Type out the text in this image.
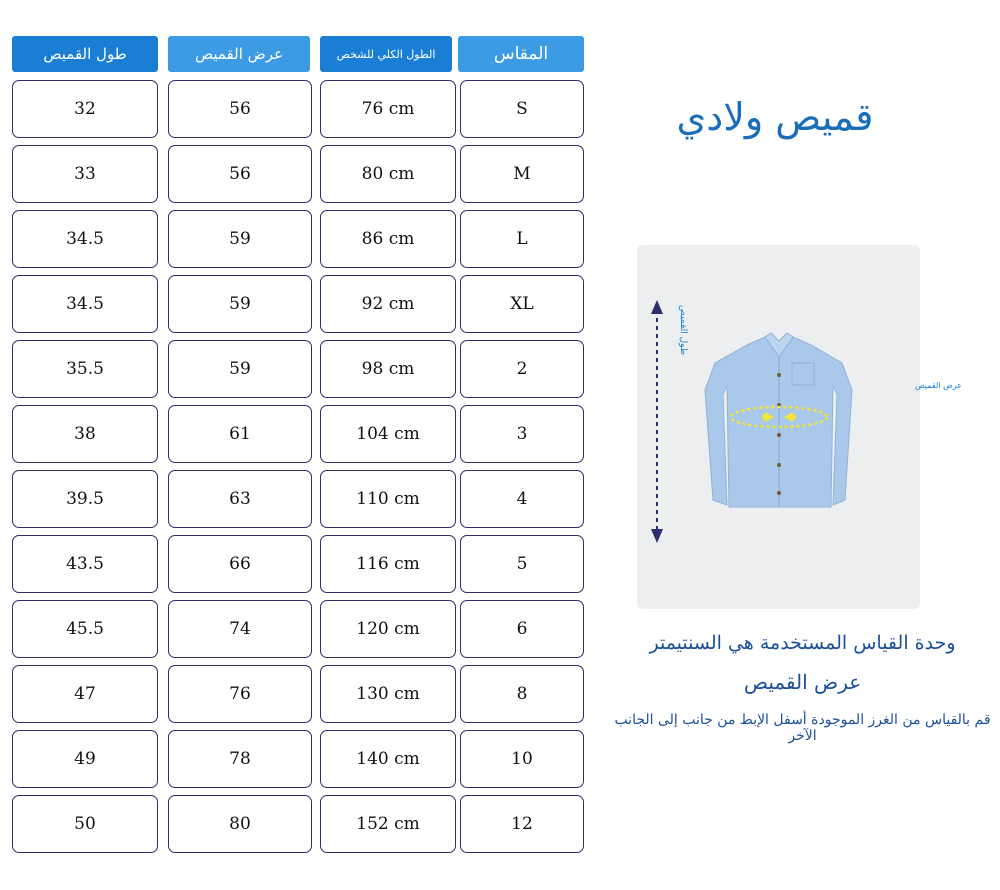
طول القميص	عرض القميص	الطول الكلي للشخص	المقاس
32	56	76 cm	S
33	56	80 cm	M
34.5	59	86 cm	L
34.5	59	92 cm	XL
35.5	59	98 cm	2
38	61	104 cm	3
39.5	63	110 cm	4
43.5	66	116 cm	5
45.5	74	120 cm	6
47	76	130 cm	8
49	78	140 cm	10
50	80	152 cm	12
قميص ولادي
طول القميص
عرض القميص
وحدة القياس المستخدمة هي السنتيمتر
عرض القميص
قم بالقياس من الغرز الموجودة أسفل الإبط من جانب إلى الجانب الآخر
